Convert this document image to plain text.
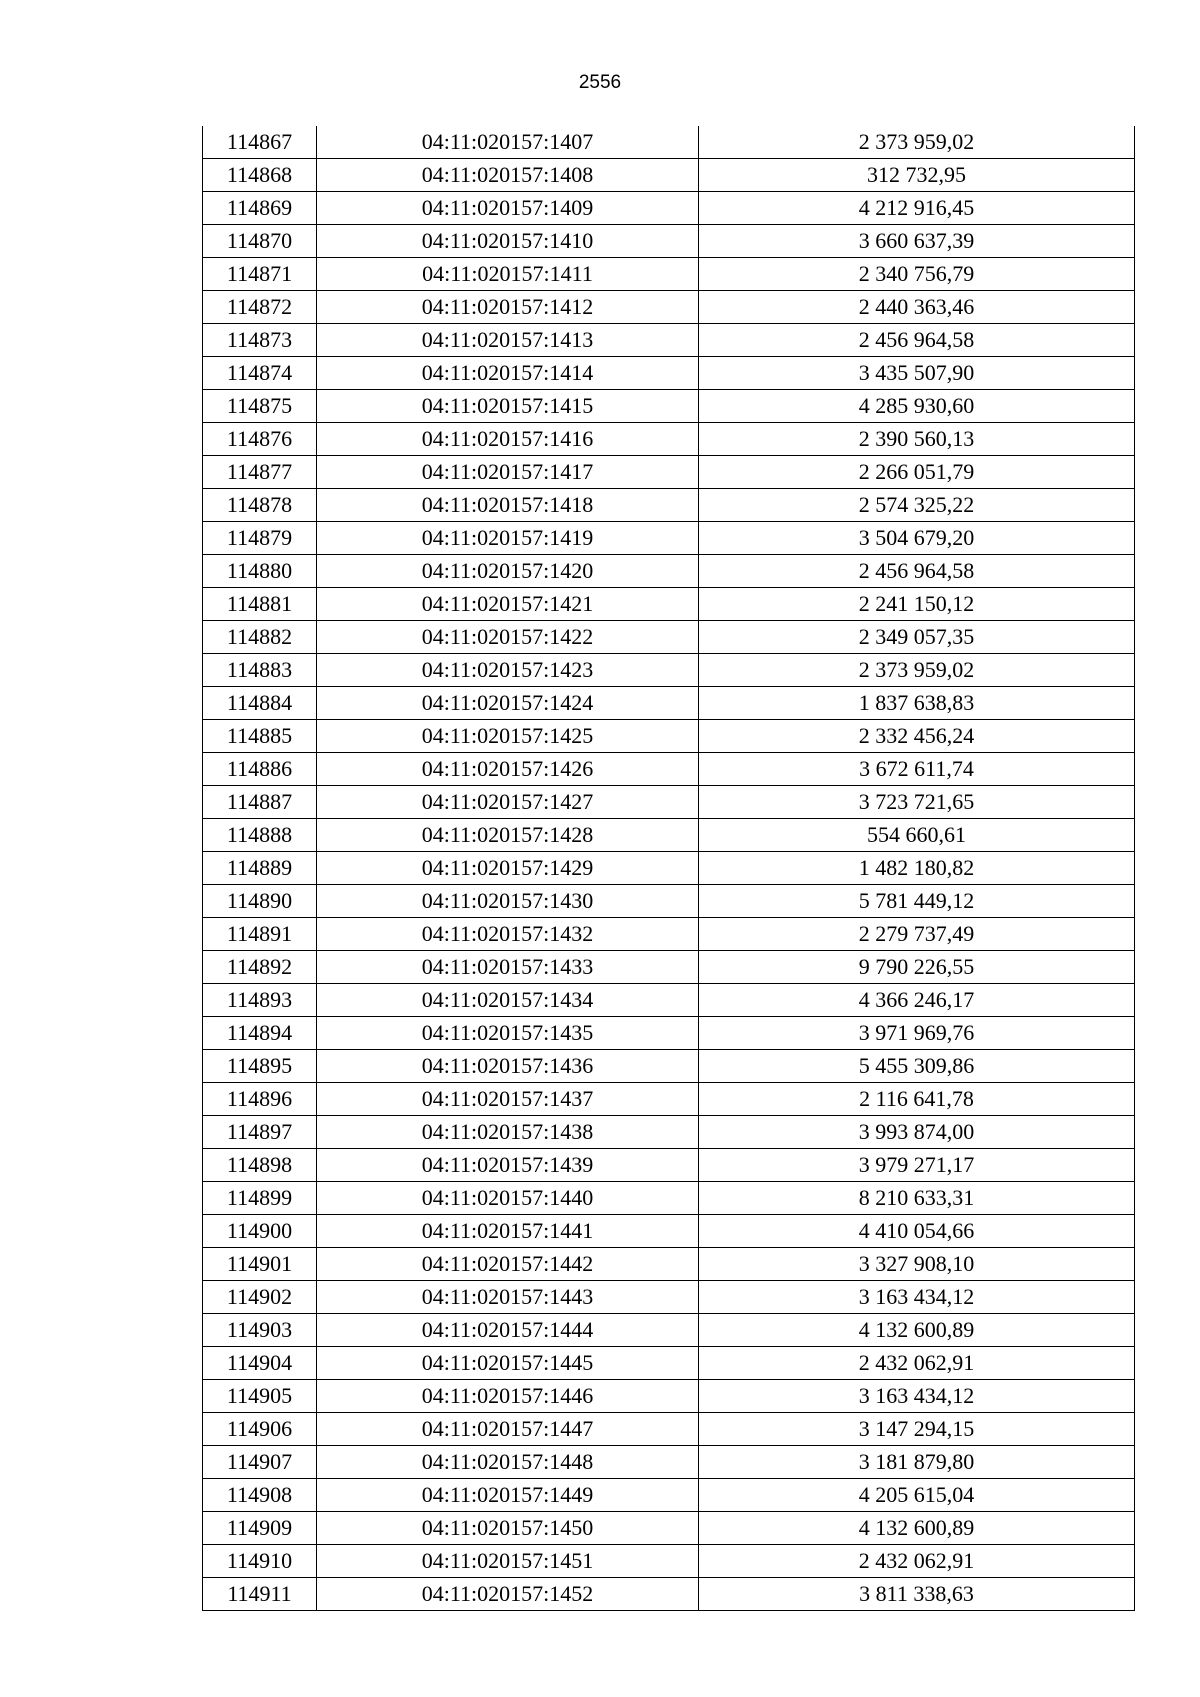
2556
114867	04:11:020157:1407	2 373 959,02
114868	04:11:020157:1408	312 732,95
114869	04:11:020157:1409	4 212 916,45
114870	04:11:020157:1410	3 660 637,39
114871	04:11:020157:1411	2 340 756,79
114872	04:11:020157:1412	2 440 363,46
114873	04:11:020157:1413	2 456 964,58
114874	04:11:020157:1414	3 435 507,90
114875	04:11:020157:1415	4 285 930,60
114876	04:11:020157:1416	2 390 560,13
114877	04:11:020157:1417	2 266 051,79
114878	04:11:020157:1418	2 574 325,22
114879	04:11:020157:1419	3 504 679,20
114880	04:11:020157:1420	2 456 964,58
114881	04:11:020157:1421	2 241 150,12
114882	04:11:020157:1422	2 349 057,35
114883	04:11:020157:1423	2 373 959,02
114884	04:11:020157:1424	1 837 638,83
114885	04:11:020157:1425	2 332 456,24
114886	04:11:020157:1426	3 672 611,74
114887	04:11:020157:1427	3 723 721,65
114888	04:11:020157:1428	554 660,61
114889	04:11:020157:1429	1 482 180,82
114890	04:11:020157:1430	5 781 449,12
114891	04:11:020157:1432	2 279 737,49
114892	04:11:020157:1433	9 790 226,55
114893	04:11:020157:1434	4 366 246,17
114894	04:11:020157:1435	3 971 969,76
114895	04:11:020157:1436	5 455 309,86
114896	04:11:020157:1437	2 116 641,78
114897	04:11:020157:1438	3 993 874,00
114898	04:11:020157:1439	3 979 271,17
114899	04:11:020157:1440	8 210 633,31
114900	04:11:020157:1441	4 410 054,66
114901	04:11:020157:1442	3 327 908,10
114902	04:11:020157:1443	3 163 434,12
114903	04:11:020157:1444	4 132 600,89
114904	04:11:020157:1445	2 432 062,91
114905	04:11:020157:1446	3 163 434,12
114906	04:11:020157:1447	3 147 294,15
114907	04:11:020157:1448	3 181 879,80
114908	04:11:020157:1449	4 205 615,04
114909	04:11:020157:1450	4 132 600,89
114910	04:11:020157:1451	2 432 062,91
114911	04:11:020157:1452	3 811 338,63
